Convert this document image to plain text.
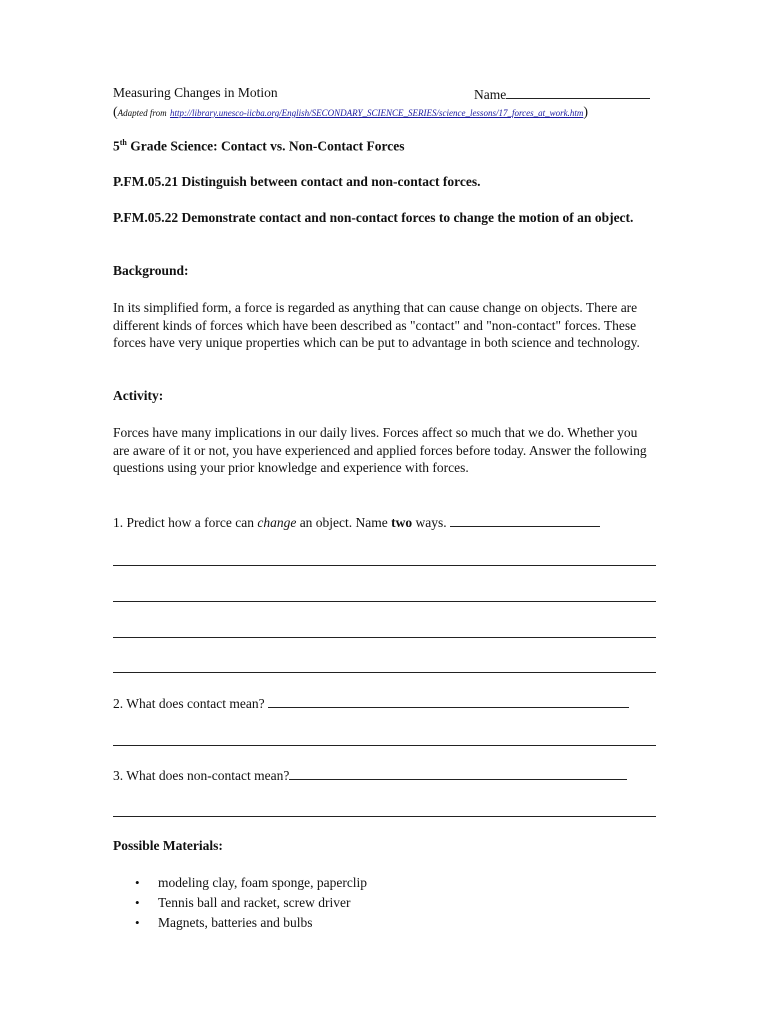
Measuring Changes in Motion	Name
(Adapted from http://library.unesco-iicba.org/English/SECONDARY_SCIENCE_SERIES/science_lessons/17_forces_at_work.htm)
5th Grade Science: Contact vs. Non-Contact Forces
P.FM.05.21 Distinguish between contact and non-contact forces.
P.FM.05.22 Demonstrate contact and non-contact forces to change the motion of an object.
Background:
In its simplified form, a force is regarded as anything that can cause change on objects. There are different kinds of forces which have been described as "contact" and "non-contact" forces. These forces have very unique properties which can be put to advantage in both science and technology.
Activity:
Forces have many implications in our daily lives. Forces affect so much that we do. Whether you are aware of it or not, you have experienced and applied forces before today. Answer the following questions using your prior knowledge and experience with forces.
1. Predict how a force can change an object. Name two ways.
2. What does contact mean?
3. What does non-contact mean?
Possible Materials:
• modeling clay, foam sponge, paperclip
• Tennis ball and racket, screw driver
• Magnets, batteries and bulbs
